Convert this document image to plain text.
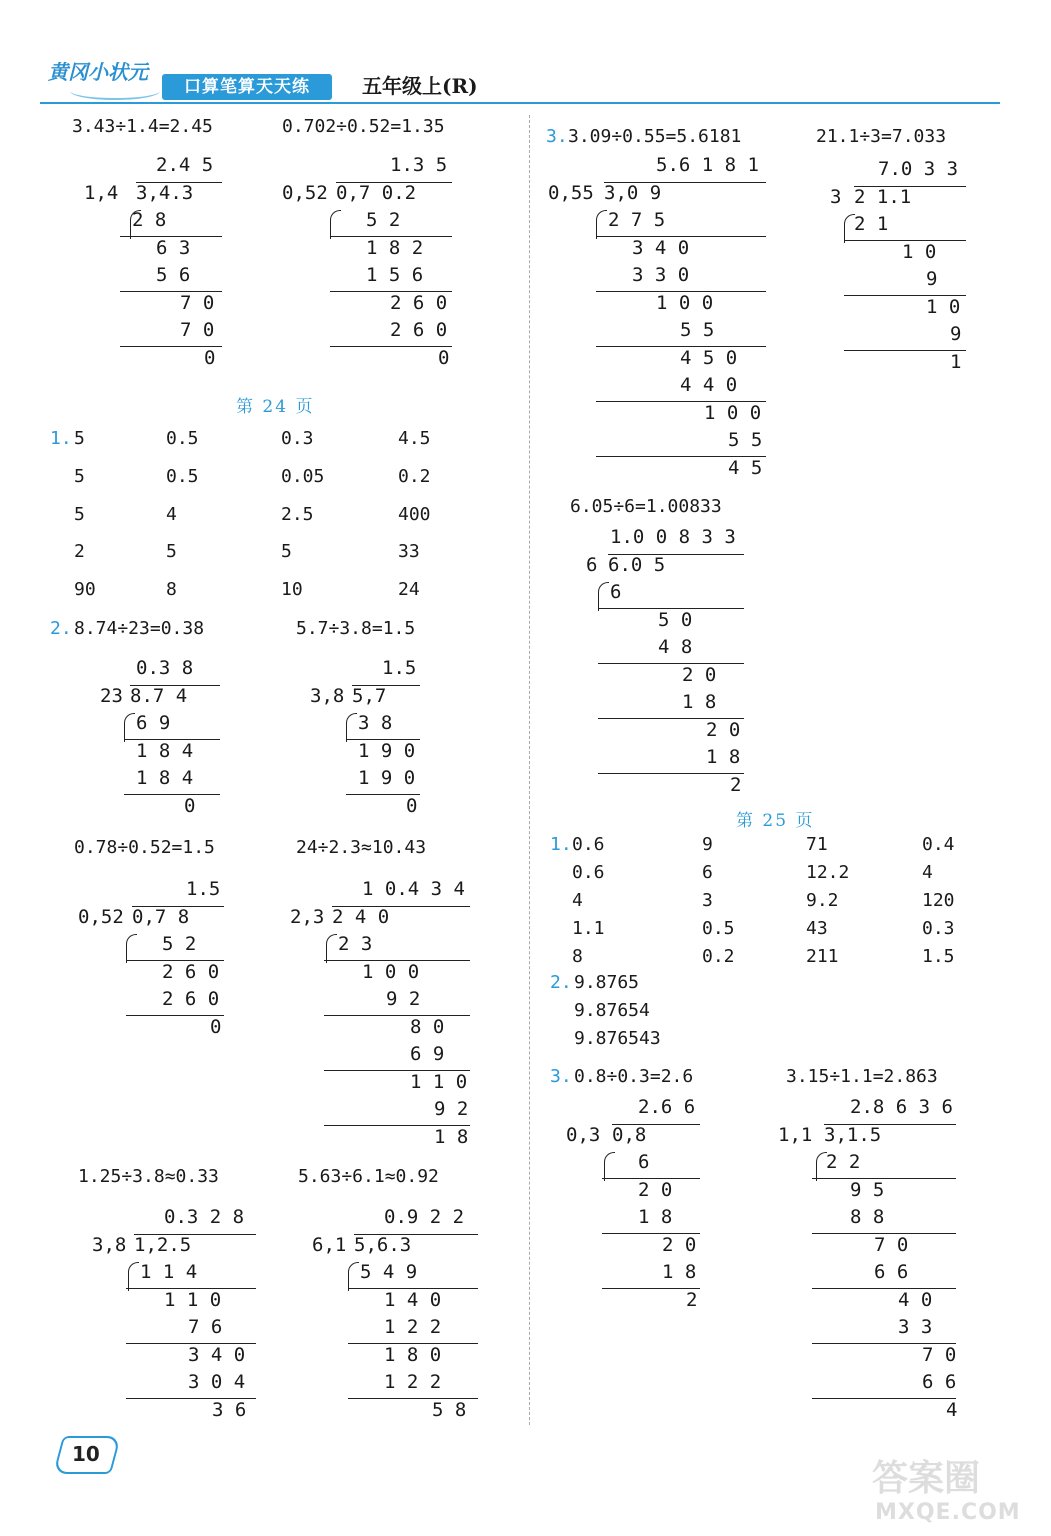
黄冈小状元
口算笔算天天练	五年级上(R)
3.43÷1.4=2.45	0.702÷0.52=1.35
2.4 5
1,4 3,4.3
2 8
6 3
5 6
7 0
7 0
0
1.3 5
0,52 0,7 0.2
5 2
1 8 2
1 5 6
2 6 0
2 6 0
0
第 24 页
1. 5	0.5	0.3	4.5
5	0.5	0.05	0.2
5	4	2.5	400
2	5	5	33
90	8	10	24
2. 8.74÷23=0.38	5.7÷3.8=1.5
0.3 8
23 8.7 4
6 9
1 8 4
1 8 4
0
1.5
3,8 5,7
3 8
1 9 0
1 9 0
0
0.78÷0.52=1.5	24÷2.3≈10.43
1.5
0,52 0,7 8
5 2
2 6 0
2 6 0
0
1 0.4 3 4
2,3 2 4 0
2 3
1 0 0
9 2
8 0
6 9
1 1 0
9 2
1 8
1.25÷3.8≈0.33	5.63÷6.1≈0.92
0.3 2 8
3,8 1,2.5
1 1 4
1 1 0
7 6
3 4 0
3 0 4
3 6
0.9 2 2
6,1 5,6.3
5 4 9
1 4 0
1 2 2
1 8 0
1 2 2
5 8
3. 3.09÷0.55=5.6181	21.1÷3=7.033
5.6 1 8 1
0,55 3,0 9
2 7 5
3 4 0
3 3 0
1 0 0
5 5
4 5 0
4 4 0
1 0 0
5 5
4 5
7.0 3 3
3 2 1.1
2 1
1 0
9
1 0
9
1
6.05÷6=1.00833
1.0 0 8 3 3
6 6.0 5
6
5 0
4 8
2 0
1 8
2 0
1 8
2
第 25 页
1. 0.6	9	71	0.4
0.6	6	12.2	4
4	3	9.2	120
1.1	0.5	43	0.3
8	0.2	211	1.5
2. 9.8765
9.87654
9.876543
3. 0.8÷0.3=2.6	3.15÷1.1=2.863
2.6 6
0,3 0,8
6
2 0
1 8
2 0
1 8
2
2.8 6 3 6
1,1 3,1.5
2 2
9 5
8 8
7 0
6 6
4 0
3 3
7 0
6 6
4
10
答案圈
MXQE.COM
